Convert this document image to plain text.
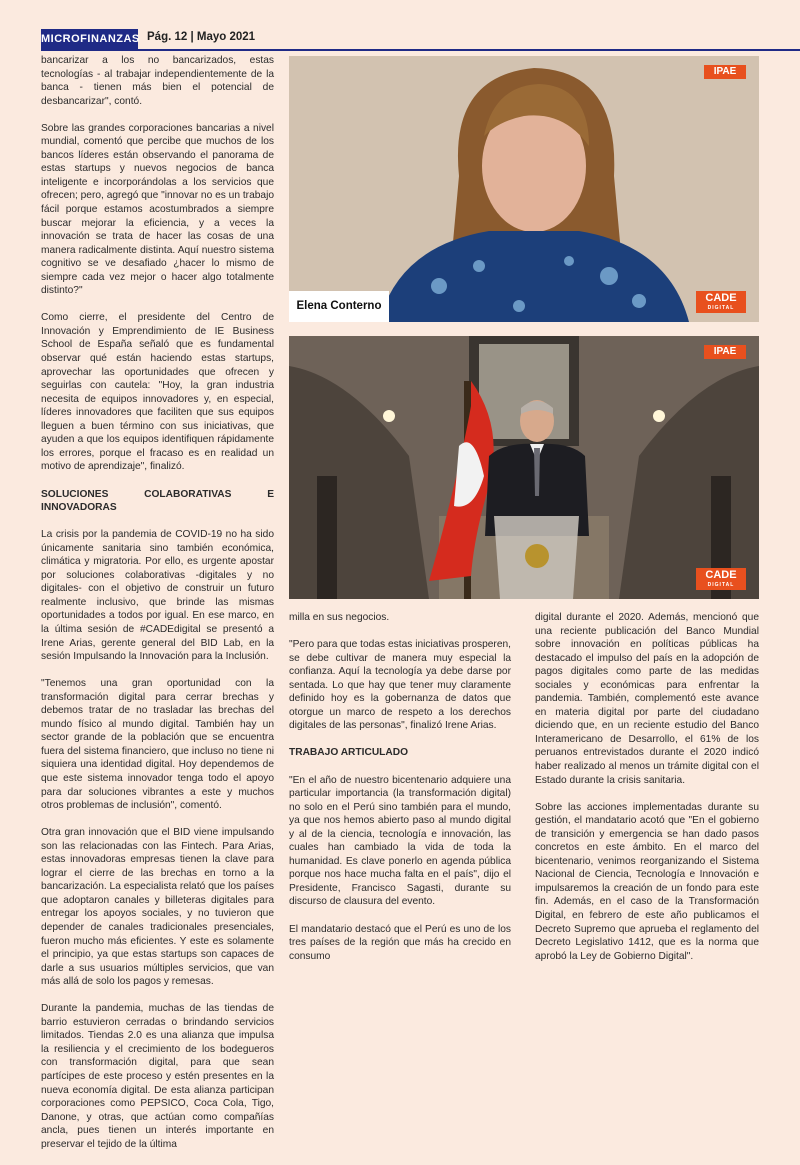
MICROFINANZAS Pág. 12 | Mayo 2021

bancarizar a los no bancarizados, estas tecnologías - al trabajar independientemente de la banca - tienen más bien el potencial de desbancarizar", contó.

Sobre las grandes corporaciones bancarias a nivel mundial, comentó que percibe que muchos de los bancos líderes están observando el panorama de estas startups y nuevos negocios de banca inteligente e incorporándolas a los servicios que ofrecen; pero, agregó que "innovar no es un trabajo fácil porque estamos acostumbrados a siempre buscar mejorar la eficiencia, y a veces la innovación se trata de hacer las cosas de una manera radicalmente distinta. Aquí nuestro sistema cognitivo se ve desafiado ¿hacer lo mismo de siempre cada vez mejor o hacer algo totalmente distinto?"

Como cierre, el presidente del Centro de Innovación y Emprendimiento de IE Business School de España señaló que es fundamental observar qué están haciendo estas startups, aprovechar las oportunidades que ofrecen y seguirlas con cautela: "Hoy, la gran industria necesita de equipos innovadores y, en especial, líderes innovadores que faciliten que sus equipos lleguen a buen término con sus iniciativas, que ayuden a que los equipos identifiquen rápidamente los errores, porque el fracaso es en realidad un motivo de aprendizaje", finalizó.

SOLUCIONES COLABORATIVAS E INNOVADORAS

La crisis por la pandemia de COVID-19 no ha sido únicamente sanitaria sino también económica, climática y migratoria. Por ello, es urgente apostar por soluciones colaborativas -digitales y no digitales- con el objetivo de construir un futuro realmente inclusivo, que brinde las mismas oportunidades a todos por igual. En ese marco, en la última sesión de #CADEdigital se presentó a Irene Arias, gerente general del BID Lab, en la sesión Impulsando la Innovación para la Inclusión.

"Tenemos una gran oportunidad con la transformación digital para cerrar brechas y debemos tratar de no trasladar las brechas del mundo físico al mundo digital. También hay un sector grande de la población que se encuentra fuera del sistema financiero, que incluso no tiene ni siquiera una identidad digital. Hoy dependemos de que este sistema innovador tenga todo el apoyo para dar soluciones vibrantes a este y muchos otros problemas de inclusión", comentó.

Otra gran innovación que el BID viene impulsando son las relacionadas con las Fintech. Para Arias, estas innovadoras empresas tienen la clave para lograr el cierre de las brechas en torno a la bancarización. La especialista relató que los países que adoptaron canales y billeteras digitales para entregar los apoyos sociales, y no tuvieron que depender de canales tradicionales presenciales, fueron mucho más eficientes. Y este es solamente el principio, ya que estas startups son capaces de darle a sus usuarios múltiples servicios, que van más allá de solo los pagos y remesas.

Durante la pandemia, muchas de las tiendas de barrio estuvieron cerradas o brindando servicios limitados. Tiendas 2.0 es una alianza que impulsa la resiliencia y el crecimiento de los bodegueros con transformación digital, para que sean partícipes de este proceso y estén presentes en la nueva economía digital. De esta alianza participan corporaciones como PEPSICO, Coca Cola, Tigo, Danone, y otras, que actúan como compañías ancla, pues tienen un interés importante en preservar el tejido de la última

IPAE
CADE
DIGITAL
Elena Conterno
IPAE
CADE
DIGITAL

milla en sus negocios.

"Pero para que todas estas iniciativas prosperen, se debe cultivar de manera muy especial la confianza. Aquí la tecnología ya debe darse por sentada. Lo que hay que tener muy claramente definido hoy es la gobernanza de datos que otorgue un marco de respeto a los derechos digitales de las personas", finalizó Irene Arias.

TRABAJO ARTICULADO

"En el año de nuestro bicentenario adquiere una particular importancia (la transformación digital) no solo en el Perú sino también para el mundo, ya que nos hemos abierto paso al mundo digital y al de la ciencia, tecnología e innovación, las cuales han cambiado la vida de toda la humanidad. Es clave ponerlo en agenda pública porque nos hace mucha falta en el país", dijo el Presidente, Francisco Sagasti, durante su discurso de clausura del evento.

El mandatario destacó que el Perú es uno de los tres países de la región que más ha crecido en consumo

digital durante el 2020. Además, mencionó que una reciente publicación del Banco Mundial sobre innovación en políticas públicas ha destacado el impulso del país en la adopción de pagos digitales como parte de las medidas sociales y económicas para enfrentar la pandemia. También, complementó este avance en materia digital por parte del ciudadano diciendo que, en un reciente estudio del Banco Interamericano de Desarrollo, el 61% de los peruanos entrevistados durante el 2020 indicó haber realizado al menos un trámite digital con el Estado durante la crisis sanitaria.

Sobre las acciones implementadas durante su gestión, el mandatario acotó que "En el gobierno de transición y emergencia se han dado pasos concretos en este ámbito. En el marco del bicentenario, venimos reorganizando el Sistema Nacional de Ciencia, Tecnología e Innovación e impulsaremos la creación de un fondo para este fin. Además, en el caso de la Transformación Digital, en febrero de este año publicamos el Decreto Supremo que aprueba el reglamento del Decreto Legislativo 1412, que es la norma que aprobó la Ley de Gobierno Digital".
